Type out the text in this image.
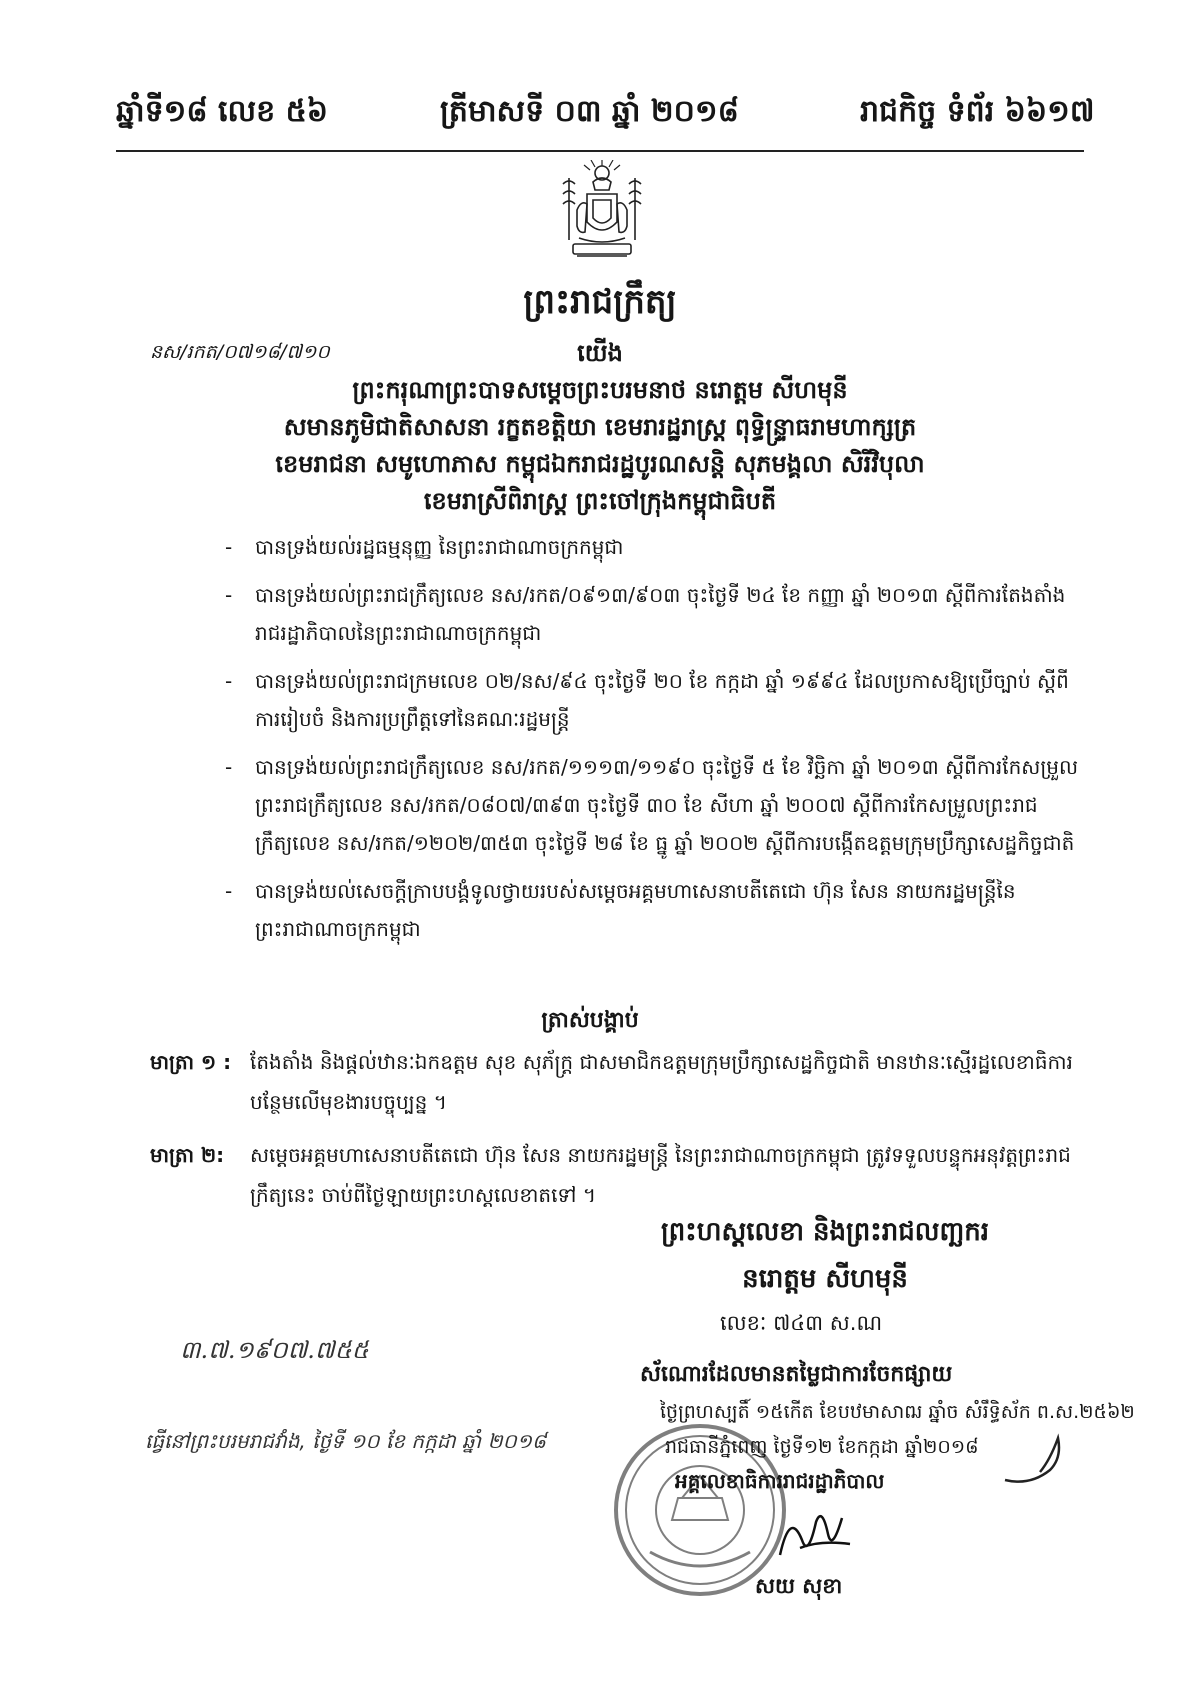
ឆ្នាំទី១៨ លេខ ៥៦	ត្រីមាសទី ០៣ ឆ្នាំ ២០១៨	រាជកិច្ច ទំព័រ ៦៦១៧
ព្រះរាជក្រឹត្យ
នស/រកត/០៧១៨/៧១០	យើង
ព្រះករុណាព្រះបាទសម្តេចព្រះបរមនាថ នរោត្តម សីហមុនី
សមានភូមិជាតិសាសនា រក្ខតខត្តិយា ខេមរារដ្ឋរាស្ត្រ ពុទ្ធិន្ទ្រាធរាមហាក្សត្រ
ខេមរាជនា សមូហោភាស កម្ពុជឯករាជរដ្ឋបូរណសន្តិ សុភមង្គលា សិរីវិបុលា
ខេមរាស្រីពិរាស្ត្រ ព្រះចៅក្រុងកម្ពុជាធិបតី
- បានទ្រង់យល់រដ្ឋធម្មនុញ្ញ នៃព្រះរាជាណាចក្រកម្ពុជា
- បានទ្រង់យល់ព្រះរាជក្រឹត្យលេខ នស/រកត/០៩១៣/៩០៣ ចុះថ្ងៃទី ២៤ ខែ កញ្ញា ឆ្នាំ ២០១៣ ស្តីពីការតែងតាំងរាជរដ្ឋាភិបាលនៃព្រះរាជាណាចក្រកម្ពុជា
- បានទ្រង់យល់ព្រះរាជក្រមលេខ ០២/នស/៩៤ ចុះថ្ងៃទី ២០ ខែ កក្កដា ឆ្នាំ ១៩៩៤ ដែលប្រកាសឱ្យប្រើច្បាប់ ស្តីពីការរៀបចំ និងការប្រព្រឹត្តទៅនៃគណៈរដ្ឋមន្ត្រី
- បានទ្រង់យល់ព្រះរាជក្រឹត្យលេខ នស/រកត/១១១៣/១១៩០ ចុះថ្ងៃទី ៥ ខែ វិច្ឆិកា ឆ្នាំ ២០១៣ ស្តីពីការកែសម្រួលព្រះរាជក្រឹត្យលេខ នស/រកត/០៨០៧/៣៩៣ ចុះថ្ងៃទី ៣០ ខែ សីហា ឆ្នាំ ២០០៧ ស្តីពីការកែសម្រួលព្រះរាជក្រឹត្យលេខ នស/រកត/១២០២/៣៥៣ ចុះថ្ងៃទី ២៨ ខែ ធ្នូ ឆ្នាំ ២០០២ ស្តីពីការបង្កើតឧត្តមក្រុមប្រឹក្សាសេដ្ឋកិច្ចជាតិ
- បានទ្រង់យល់សេចក្តីក្រាបបង្គំទូលថ្វាយរបស់សម្តេចអគ្គមហាសេនាបតីតេជោ ហ៊ុន សែន នាយករដ្ឋមន្ត្រីនៃព្រះរាជាណាចក្រកម្ពុជា
ត្រាស់បង្គាប់
មាត្រា ១ : តែងតាំង និងផ្តល់ឋានៈឯកឧត្តម សុខ សុភ័ក្ត្រ ជាសមាជិកឧត្តមក្រុមប្រឹក្សាសេដ្ឋកិច្ចជាតិ មានឋានៈស្មើរដ្ឋលេខាធិការ បន្ថែមលើមុខងារបច្ចុប្បន្ន ។
មាត្រា ២: សម្តេចអគ្គមហាសេនាបតីតេជោ ហ៊ុន សែន នាយករដ្ឋមន្ត្រី នៃព្រះរាជាណាចក្រកម្ពុជា ត្រូវទទួលបន្ទុកអនុវត្តព្រះរាជក្រឹត្យនេះ ចាប់ពីថ្ងៃឡាយព្រះហស្តលេខាតទៅ ។
ព្រះហស្តលេខា និងព្រះរាជលញ្ឆករ
នរោត្តម សីហមុនី
លេខៈ ៧៤៣ ស.ណ
៣.៧.១៩០៧.៧៥៥
ស័ណោរដែលមានតម្លៃជាការចែកផ្សាយ
ថ្ងៃព្រហស្បតិ៍ ១៥កើត ខែបឋមាសាឍ ឆ្នាំច សំរឹទ្ធិស័ក ព.ស.២៥៦២
រាជធានីភ្នំពេញ ថ្ងៃទី១២ ខែកក្កដា ឆ្នាំ២០១៨
អគ្គលេខាធិការរាជរដ្ឋាភិបាល
សយ សុខា
ធ្វើនៅព្រះបរមរាជវាំង, ថ្ងៃទី ១០ ខែ កក្កដា ឆ្នាំ ២០១៨
